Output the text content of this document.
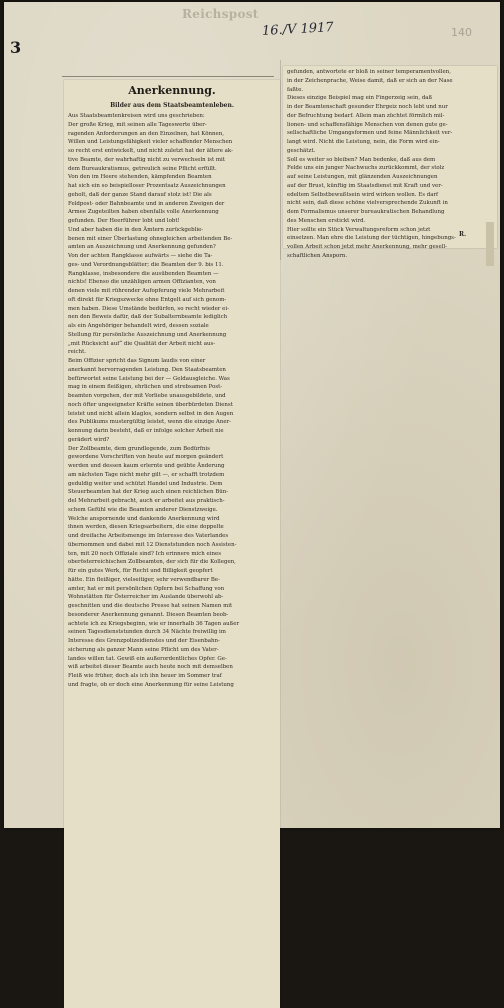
Reichspost
16./V 1917	140
3
Anerkennung.
Bilder aus dem Staatsbeamtenleben.
Aus Staatsbeamtenkreisen wird uns geschrieben:
Der große Krieg, mit seinen alle Tageswerte über-
ragenden Anforderungen an den Einzelnen, hat Können,
Willen und Leistungsfähigkeit vieler schaffender Menschen
so recht erst entwickelt, und nicht zuletzt hat der ältere ak-
tive Beamte, der wahrhaftig nicht zu verwechseln ist mit
dem Bureaukratismus, getreulich seine Pflicht erfüllt.
Von den im Heere stehenden, kämpfenden Beamten
hat sich ein so beispielloser Prozentsatz Auszeichnungen
geholt, daß der ganze Stand darauf stolz ist! Die als
Feldpost- oder Bahnbeamte und in anderen Zweigen der
Armee Zugeteilten haben ebenfalls volle Anerkennung
gefunden. Der Heerführer lobt und lobt!
Und aber haben die in den Ämtern zurückgeblie-
benen mit einer Überlastung ohnegleichen arbeitenden Be-
amten an Auszeichnung und Anerkennung gefunden?
Von der achten Rangklasse aufwärts — siehe die Ta-
ges- und Verordnungsblätter; die Beamten der 9. bis 11.
Rangklasse, insbesondere die ausübenden Beamten —
nichts! Ebenso die unzähligen armen Offizianten, von
denen viele mit rührender Aufopferung viele Mehrarbeit
oft direkt für Kriegszwecke ohne Entgelt auf sich genom-
men haben. Diese Umstände bedürfen, so recht wieder ei-
nen den Beweis dafür, daß der Subalternbeamte lediglich
als ein Angehöriger behandelt wird, dessen soziale
Stellung für persönliche Auszeichnung und Anerkennung
„mit Rücksicht auf“ die Qualität der Arbeit nicht aus-
reicht.
Beim Offizier spricht das Signum laudis von einer
anerkannt hervorragenden Leistung. Den Staatsbeamten
befürwortet seine Leistung bei der — Geldausgleiche. Was
mag in einem fleißigen, ehrlichen und strebsamen Post-
beamten vorgehen, der mit Vorliebe unausgebildete, und
noch öfter ungeeigneter Kräfte seinen überbürdeten Dienst
leistet und nicht allein klaglos, sondern selbst in den Augen
des Publikums mustergültig leistet, wenn die einzige Aner-
kennung darin besteht, daß er infolge solcher Arbeit nie
gerädert wird?
Der Zollbeamte, dem grundlegende, zum Bedürfnis
gewordene Vorschriften von heute auf morgen geändert
werden und dessen kaum erlernte und geübte Änderung
am nächsten Tage nicht mehr gilt —, er schafft trotzdem
geduldig weiter und schützt Handel und Industrie. Dem
Steuerbeamten hat der Krieg auch einen reichlichen Bün-
del Mehrarbeit gebracht, auch er arbeitet aus praktisch-
schem Gefühl wie die Beamten anderer Dienstzweige.
Welche anspornende und dankende Anerkennung wird
ihnen werden, diesen Kriegsarbeitern, die eine doppelte
und dreifache Arbeitsmenge im Interesse des Vaterlandes
übernommen und dabei mit 12 Dienststunden noch Assisten-
ten, mit 20 noch Offiziale sind? Ich erinnere mich eines
oberösterreichischen Zollbeamten, der sich für die Kollegen,
für ein gutes Werk, für Recht und Billigkeit geopfert
hätte. Ein fleißiger, vielseitiger, sehr verwendbarer Be-
amter, hat er mit persönlichen Opfern bei Schaffung von
Wohnstätten für Österreicher im Auslande überwohl ab-
geschnitten und die deutsche Presse hat seinen Namen mit
besonderer Anerkennung genannt. Diesen Beamten beob-
achtete ich zu Kriegsbeginn, wie er innerhalb 36 Tagen außer
seinen Tagesdienststunden durch 34 Nächte freiwillig im
Interesse des Grenzpolizeidienstes und der Eisenbahn-
sicherung als ganzer Mann seine Pflicht um des Vater-
landes willen tat. Gewiß ein außerordentliches Opfer. Ge-
wiß arbeitet dieser Beamte auch heute noch mit demselben
Fleiß wie früher, doch als ich ihn heuer im Sommer traf
und fragte, ob er doch eine Anerkennung für seine Leistung
gefunden, antwortete er bloß in seiner temperamentvollen,
in der Zeichenprache, Weise damit, daß er sich an der Nase
faßte.
Dieses einzige Beispiel mag ein Fingerzeig sein, daß
in der Beamtenschaft gesunder Ehrgeiz noch lebt und nur
der Befruchtung bedarf. Allein man züchtet förmlich mil-
lionen- und schaffensfähige Menschen von denen gute ge-
sellschaftliche Umgangsformen und feine Männlichkeit ver-
langt wird. Nicht die Leistung, nein, die Form wird ein-
geschätzt.
Soll es weiter so bleiben? Man bedenke, daß aus dem
Felde uns ein junger Nachwuchs zurückkommt, der stolz
auf seine Leistungen, mit glänzenden Auszeichnungen
auf der Brust, künftig im Staatsdienst mit Kraft und ver-
edeltem Selbstbewußtsein wird wirken wollen. Es darf
nicht sein, daß diese schöne vielversprechende Zukunft in
dem Formalismus unserer bureaukratischen Behandlung
des Menschen erstickt wird.
Hier sollte ein Stück Verwaltungsreform schon jetzt
einsetzen. Man ehre die Leistung der tüchtigen, hingebungs-
vollen Arbeit schon jetzt mehr Anerkennung, mehr gesell-
schaftlichen Ansporn.
R.
